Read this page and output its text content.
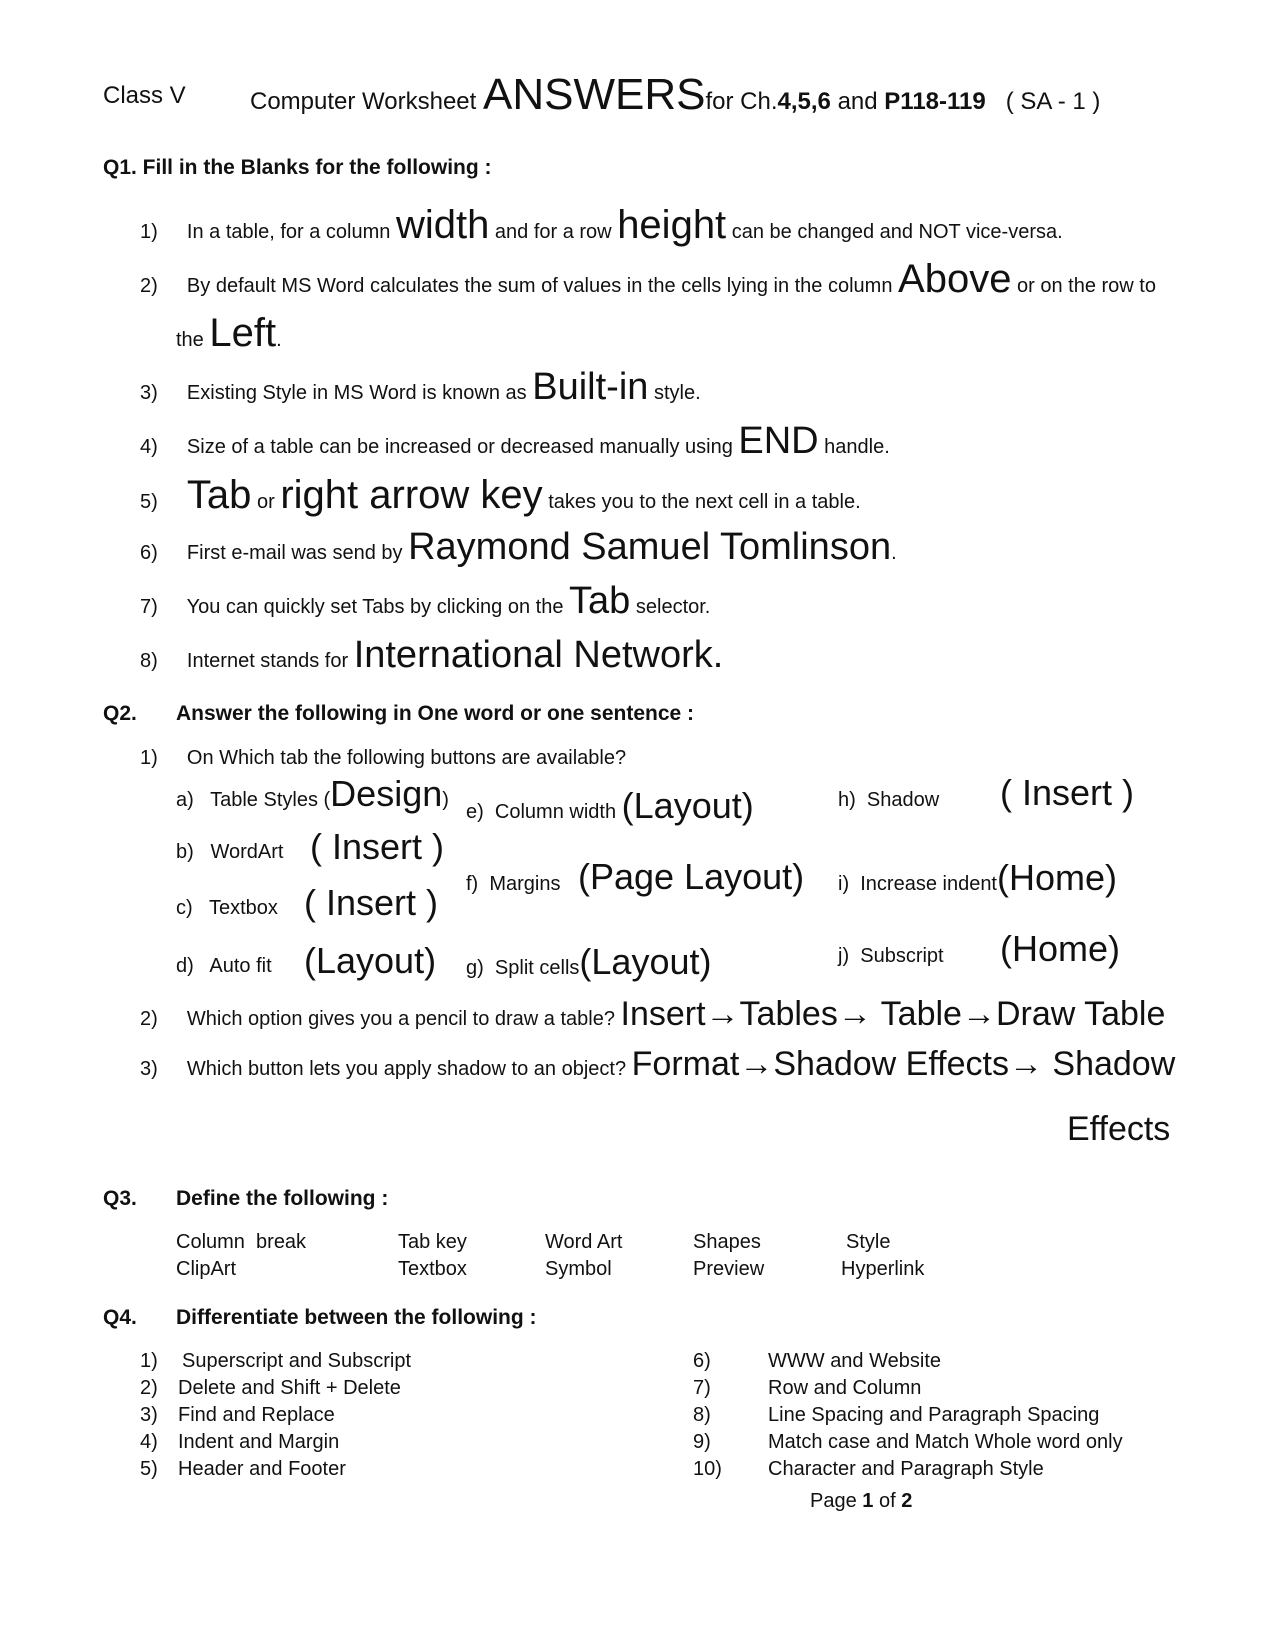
Class V	Computer Worksheet ANSWERSfor Ch.4,5,6 and P118-119 ( SA - 1 )
Q1. Fill in the Blanks for the following :
1) In a table, for a column width and for a row height can be changed and NOT vice-versa.
2) By default MS Word calculates the sum of values in the cells lying in the column Above or on the row to
the Left.
3) Existing Style in MS Word is known as Built-in style.
4) Size of a table can be increased or decreased manually using END handle.
5) Tab or right arrow key takes you to the next cell in a table.
6) First e-mail was send by Raymond Samuel Tomlinson.
7) You can quickly set Tabs by clicking on the Tab selector.
8) Internet stands for International Network.
Q2. Answer the following in One word or one sentence :
1) On Which tab the following buttons are available?
a) Table Styles (Design)
b) WordArt ( Insert )
c) Textbox ( Insert )
d) Auto fit (Layout)
e) Column width (Layout)
f) Margins (Page Layout)
g) Split cells(Layout)
h) Shadow ( Insert )
i) Increase indent(Home)
j) Subscript (Home)
2) Which option gives you a pencil to draw a table? Insert→Tables→ Table→Draw Table
3) Which button lets you apply shadow to an object? Format→Shadow Effects→ Shadow
Effects
Q3. Define the following :
Column  break	Tab key	Word Art	Shapes	Style
ClipArt	Textbox	Symbol	Preview	Hyperlink
Q4. Differentiate between the following :
1) Superscript and Subscript
2) Delete and Shift + Delete
3) Find and Replace
4) Indent and Margin
5) Header and Footer
6)	WWW and Website
7)	Row and Column
8)	Line Spacing and Paragraph Spacing
9)	Match case and Match Whole word only
10) Character and Paragraph Style
Page 1 of 2
